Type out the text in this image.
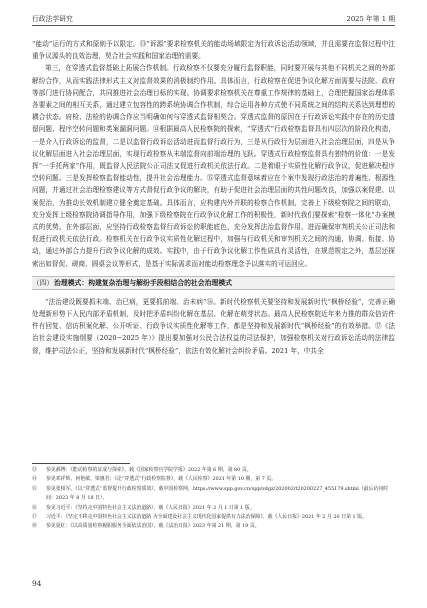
行政法学研究	2025 年第 1 期

“能动”运行的方式和原则予以限定。⑬“诉源”要求检察机关的能动场域限定为行政诉讼活动领域，并且需要在监督过程中注重争议源头的良效治理，契合社会实践和国家治理的需要。

第三，在穿透式监督基础上拓展合作机制。行政检察不仅要充分履行监督职能，同时要开展与其他不同机关之间的外部解纷合作，从而实践法律形式主义对监督效果的消极制约作用。具体而言，行政检察在促进争议化解方面需要与法院、政府等部门进行协同配合，共同推进社会治理目标的实现。协调要求检察机关在尊重工作规律的基础上，合理把握国家治理体系各要素之间的相互关系，通过建立包容性的跨系统协调合作机制，综合运用各种方式使不同系统之间的结构关系达到理想的耦合状态。府检、法检的协调合作应当明确如何与穿透式监督相契合。穿透式监督的原因在于行政诉讼实践中存在的历史遗留问题、程序空转问题和类案漏洞问题。⑭根据最高人民检察院的探索，“穿透式”行政检察监督具有四层次的阶段化构造，一是介入行政诉讼的监督，二是以监督行政诉讼活动进而监督行政行为，三是从行政行为层面进入社会治理层面，四是从争议化解层面进入社会治理层面，实现行政检察从末端监督向前端治理的飞跃。穿透式行政检察监督具有独特的价值：一是发挥“一手托两家”作用，既监督人民法院公正司法又促进行政机关依法行政。二是着眼于实质性化解行政争议，促进解决程序空转问题。三是发挥检察监督能动性，提升社会治理能力。⑮穿透式监督意味着应在个案中发现行政法治的普遍性、根源性问题，并通过社会治理检察建议等方式督促行政争议的解决，有助于促进社会治理层面的共性问题改良，加强以案促建、以案促治，为推动长效机制建立健全奠定基础。具体而言，应构建内外并联的检察合作机制，完善上下级检察院之间的联动，充分发挥上级检察院协调指导作用，加强下级检察院在行政争议化解工作的积极性，新时代我们要探索“检察一体化”办案模式的优势。在外部层面，应坚持行政检察监督行政诉讼的职能底色，充分发挥法治监督作用，进而确保审判机关公正司法和促进行政机关依法行政。检察机关在行政争议实质性化解过程中，加强与行政机关和审判机关之间的沟通、协调、衔接、协动，通过外部合力提升行政争议化解的成效。实践中，由于行政争议化解工作性质具有灵活性，在规范规定之外，基层还探索出如督促、磋商、圆桌会议等形式，是基于实际需求而对能动检察理念予以落实的可运回应。

（四）治理模式：构建复杂治理与解纷手段相结合的社会治理模式

“法治建设既要抓末端、治已病，更要抓前端、治未病”⑯。新时代检察机关要坚持和发展新时代“枫桥经验”，完善正确处理新形势下人民内部矛盾机制，及时把矛盾纠纷化解在基层、化解在萌芽状态。最高人民检察院近年来力推的群众信访件件有回复、信访积案化解、公开听证、行政争议实质性化解等工作，都是坚持和发展新时代“枫桥经验”的有效举措。⑰《法治社会建设实施纲要（2020−2025 年）》提出要加强对公民合法权益的司法保护，加强检察机关对行政诉讼活动的法律监督，维护司法公正，坚持和发展新时代“枫桥经验”，依法有效化解社会纠纷矛盾。2021 年，中共全

⑬ 参见郝博：《能动检察的证成与探索》，载《国家检察官学院学报》2022 年第 6 期，第 80 页。

⑭ 参见邓祥辉、何艳敏、梁惠君：《论“穿透式”行政检察监督》，载《人民检察》2021 年第 10 期，第 7 页。

⑮ 参见张相军、《以“穿透式”监督提升行政检察质效》，载中国检察网，https://www.spp.gov.cn/spp/zdgz/202002/t20200227_455179.shtml（最后访问时间：2023 年 8 月 18 日）。

⑯ 参见习近平：《坚持走中国特色社会主义法治道路》，载《人民日报》2021 年 2 月 1 日第 1 版。

⑰ 习近平：《坚定不移走中国特色社会主义法治道路 为全面建设社会主义现代化国家提供有力法治保障》，载《人民日报》2021 年 2 月 20 日第 1 版。

⑱ 参见夏红：《以高质量检察履职服务全面依法治国》，载《法治日报》2023 年第 21 期，第 19 页。

94
